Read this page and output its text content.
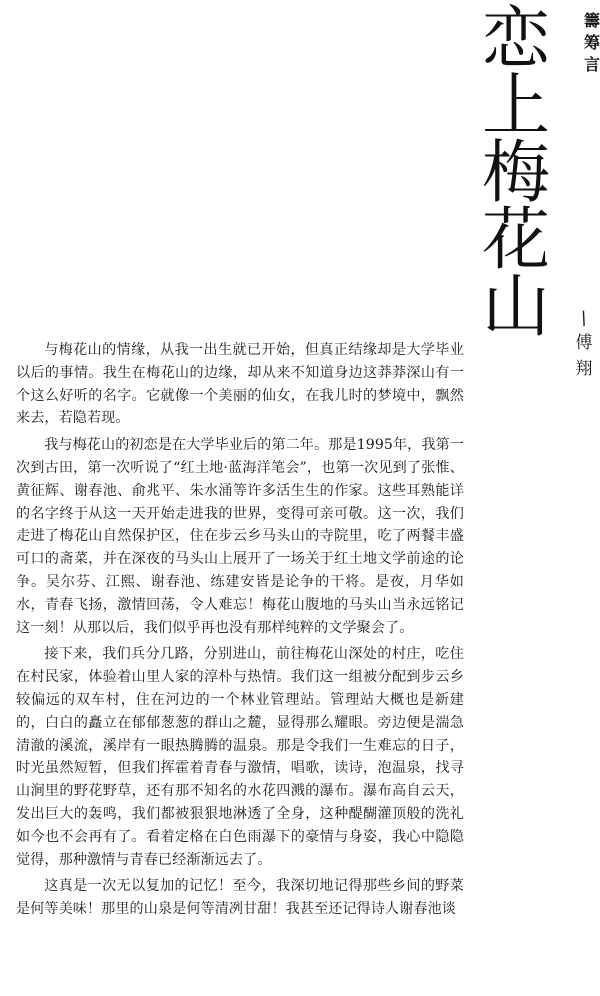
恋
上
梅
花
山
籌
筹
言
/
傅
翔

与梅花山的情缘，从我一出生就已开始，但真正结缘却是大学毕业以后的事情。我生在梅花山的边缘，却从来不知道身边这莽莽深山有一个这么好听的名字。它就像一个美丽的仙女，在我儿时的梦境中，飘然来去，若隐若现。

我与梅花山的初恋是在大学毕业后的第二年。那是1995年，我第一次到古田，第一次听说了“红土地·蓝海洋笔会”，也第一次见到了张惟、黄征辉、谢春池、俞兆平、朱水涌等许多活生生的作家。这些耳熟能详的名字终于从这一天开始走进我的世界，变得可亲可敬。这一次，我们走进了梅花山自然保护区，住在步云乡马头山的寺院里，吃了两餐丰盛可口的斋菜，并在深夜的马头山上展开了一场关于红土地文学前途的论争。吴尔芬、江熙、谢春池、练建安皆是论争的干将。是夜，月华如水，青春飞扬，激情回荡，令人难忘！梅花山腹地的马头山当永远铭记这一刻！从那以后，我们似乎再也没有那样纯粹的文学聚会了。

接下来，我们兵分几路，分别进山，前往梅花山深处的村庄，吃住在村民家，体验着山里人家的淳朴与热情。我们这一组被分配到步云乡较偏远的双车村，住在河边的一个林业管理站。管理站大概也是新建的，白白的矗立在郁郁葱葱的群山之麓，显得那么耀眼。旁边便是湍急清澈的溪流，溪岸有一眼热腾腾的温泉。那是令我们一生难忘的日子，时光虽然短暂，但我们挥霍着青春与激情，唱歌，读诗，泡温泉，找寻山涧里的野花野草，还有那不知名的水花四溅的瀑布。瀑布高自云天，发出巨大的轰鸣，我们都被狠狠地淋透了全身，这种醍醐灌顶般的洗礼如今也不会再有了。看着定格在白色雨瀑下的豪情与身姿，我心中隐隐觉得，那种激情与青春已经渐渐远去了。

这真是一次无以复加的记忆！至今，我深切地记得那些乡间的野菜是何等美味！那里的山泉是何等清冽甘甜！我甚至还记得诗人谢春池谈
